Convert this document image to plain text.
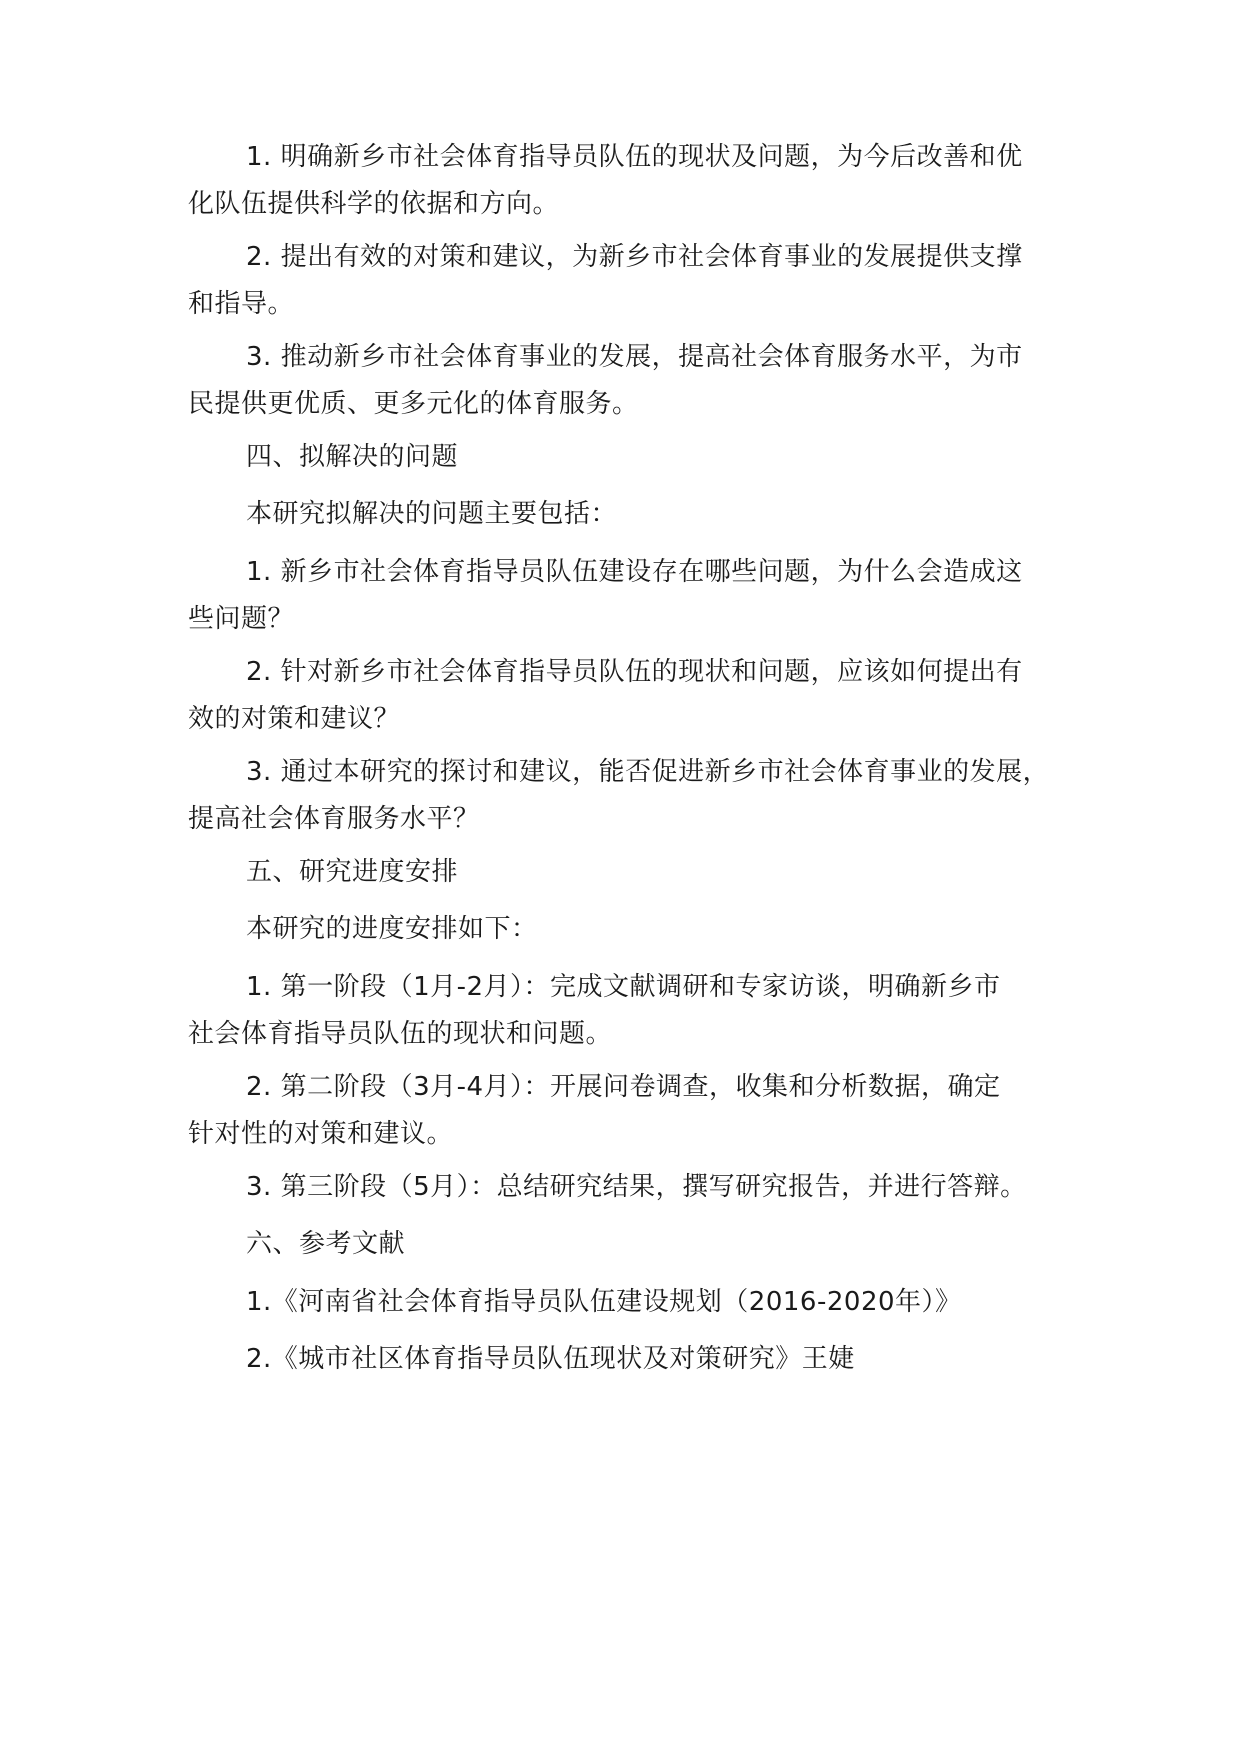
1. 明确新乡市社会体育指导员队伍的现状及问题，为今后改善和优
化队伍提供科学的依据和方向。

2. 提出有效的对策和建议，为新乡市社会体育事业的发展提供支撑
和指导。

3. 推动新乡市社会体育事业的发展，提高社会体育服务水平，为市
民提供更优质、更多元化的体育服务。

四、拟解决的问题

本研究拟解决的问题主要包括：

1. 新乡市社会体育指导员队伍建设存在哪些问题，为什么会造成这
些问题？

2. 针对新乡市社会体育指导员队伍的现状和问题，应该如何提出有
效的对策和建议？

3. 通过本研究的探讨和建议，能否促进新乡市社会体育事业的发展，
提高社会体育服务水平？

五、研究进度安排

本研究的进度安排如下：

1. 第一阶段（1月-2月）：完成文献调研和专家访谈，明确新乡市
社会体育指导员队伍的现状和问题。

2. 第二阶段（3月-4月）：开展问卷调查，收集和分析数据，确定
针对性的对策和建议。

3. 第三阶段（5月）：总结研究结果，撰写研究报告，并进行答辩。

六、参考文献

1.《河南省社会体育指导员队伍建设规划（2016-2020年）》

2.《城市社区体育指导员队伍现状及对策研究》王婕
